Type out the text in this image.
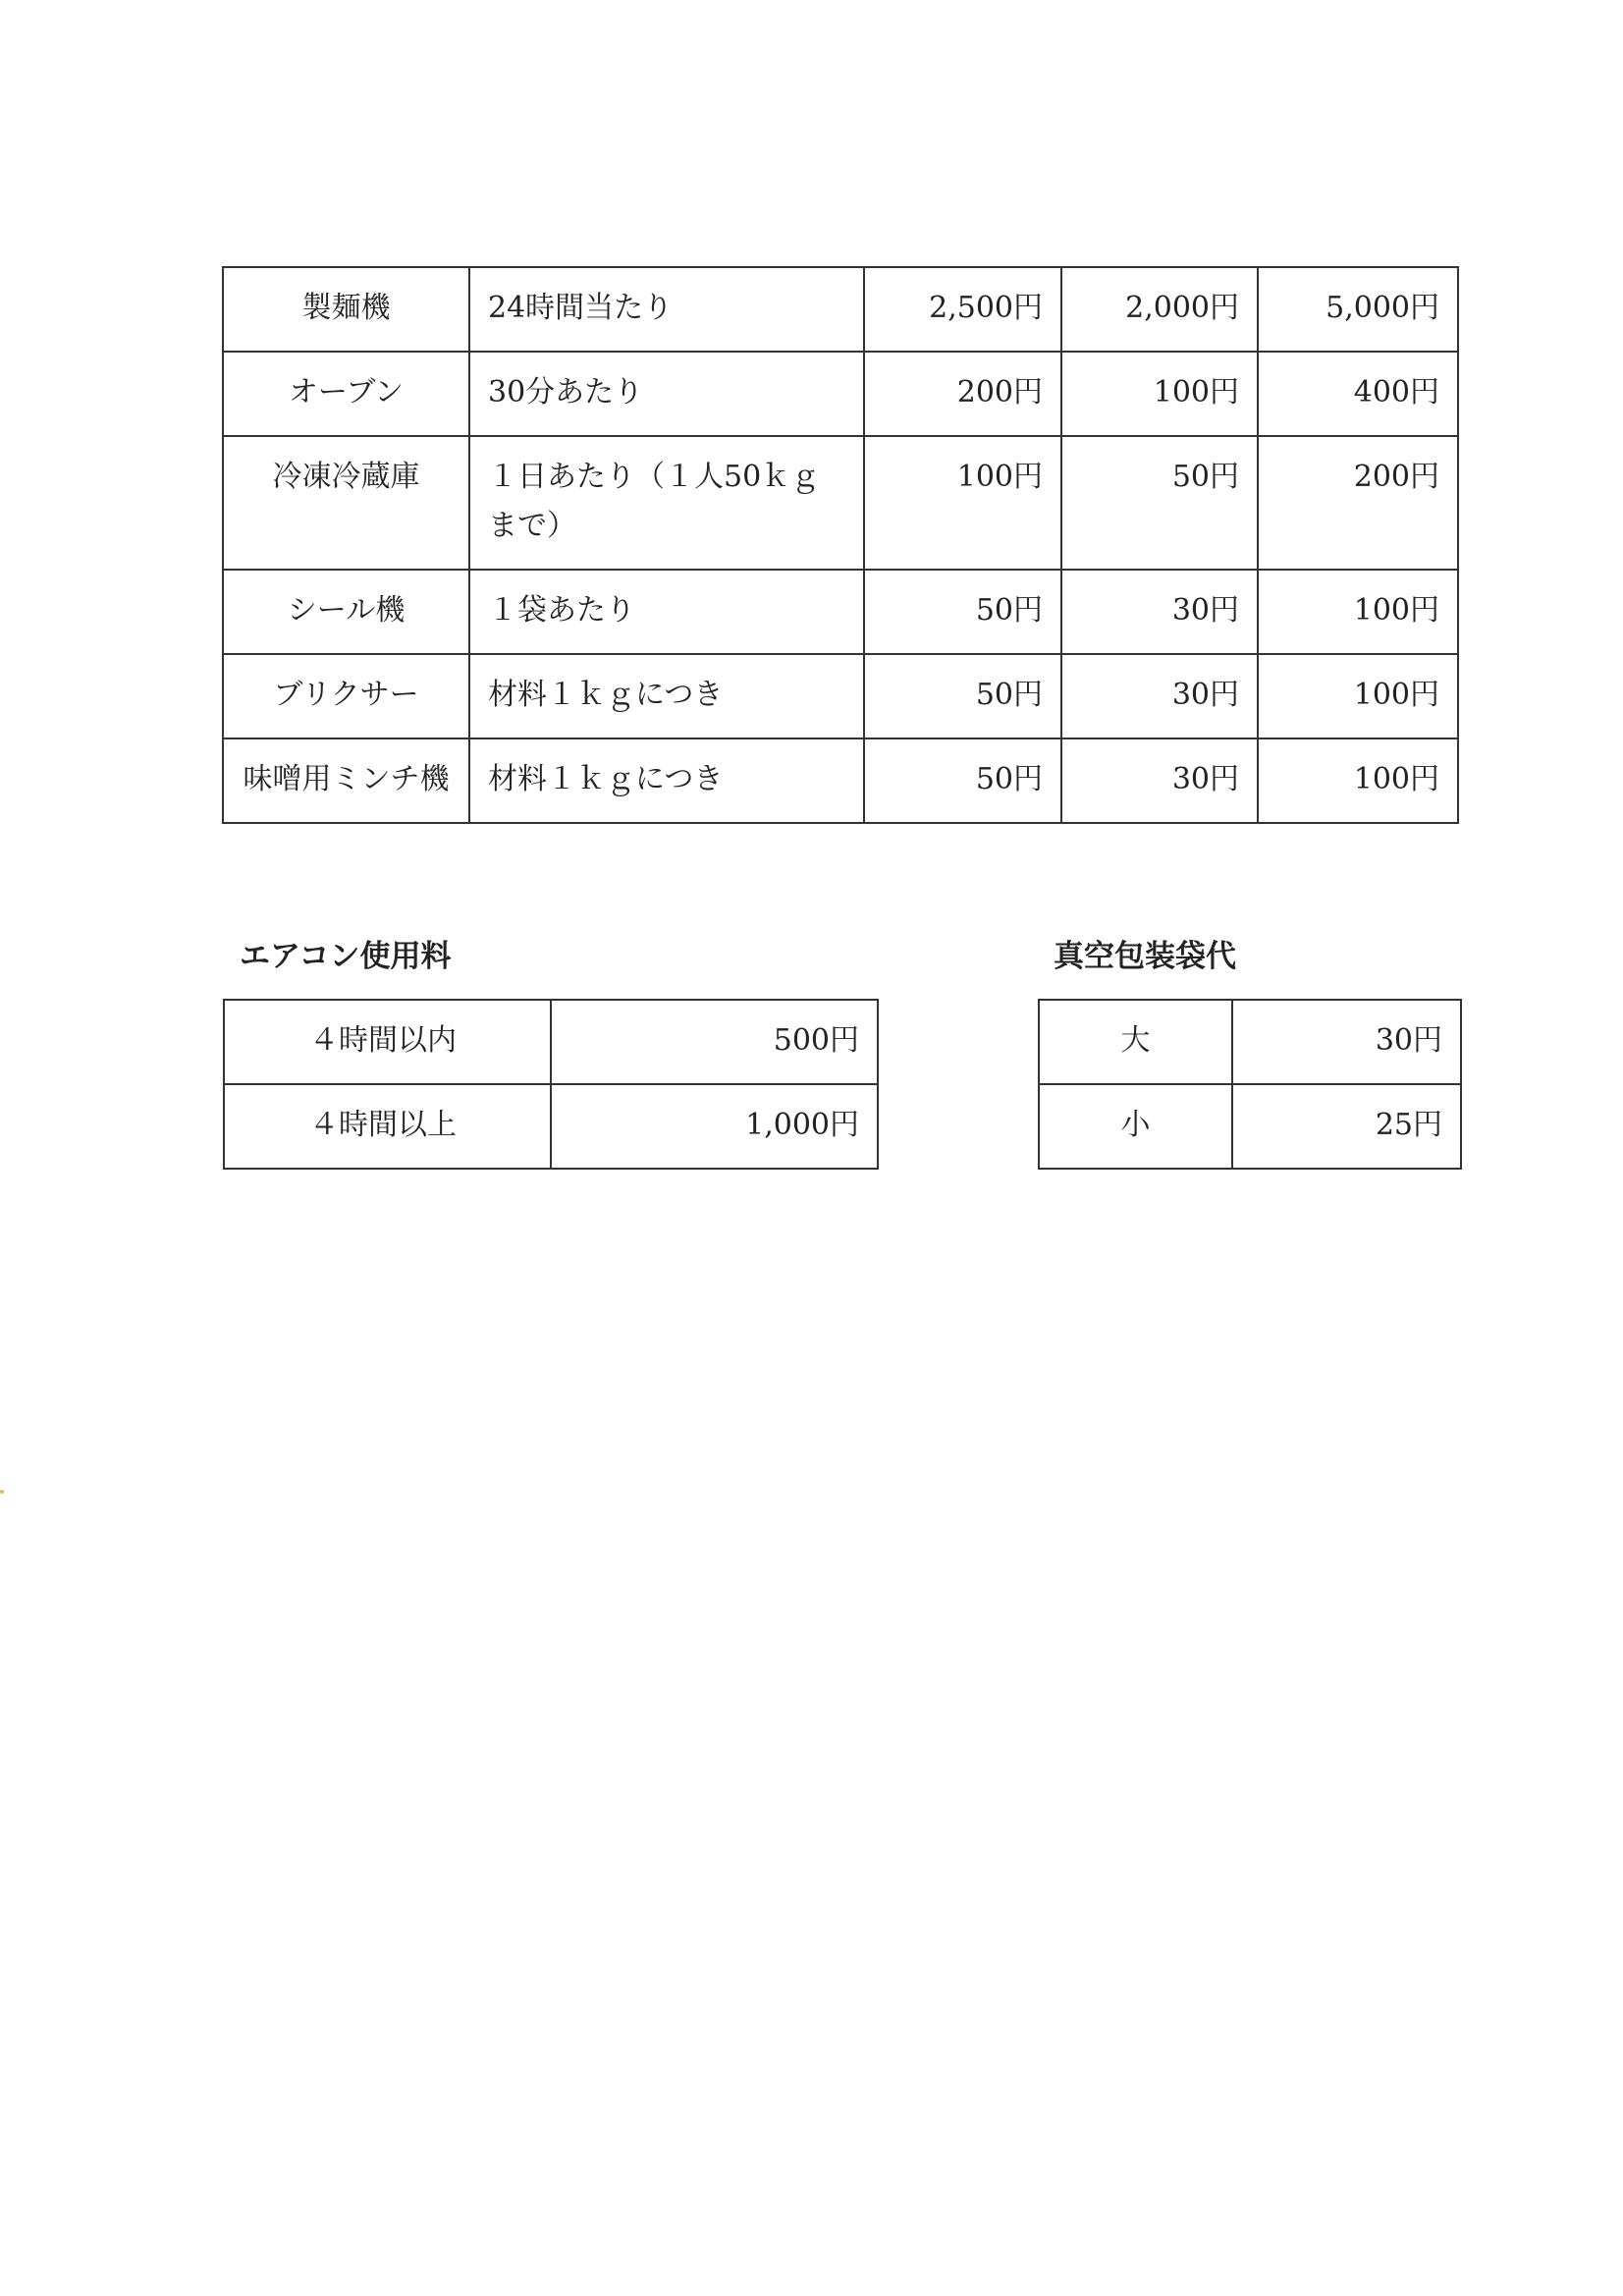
製麺機	24時間当たり	2,500円	2,000円	5,000円
オーブン	30分あたり	200円	100円	400円
冷凍冷蔵庫	１日あたり（１人50ｋｇまで）	100円	50円	200円
シール機	１袋あたり	50円	30円	100円
ブリクサー	材料１ｋｇにつき	50円	30円	100円
味噌用ミンチ機	材料１ｋｇにつき	50円	30円	100円
エアコン使用料	真空包装袋代
４時間以内	500円
４時間以上	1,000円
大	30円
小	25円
